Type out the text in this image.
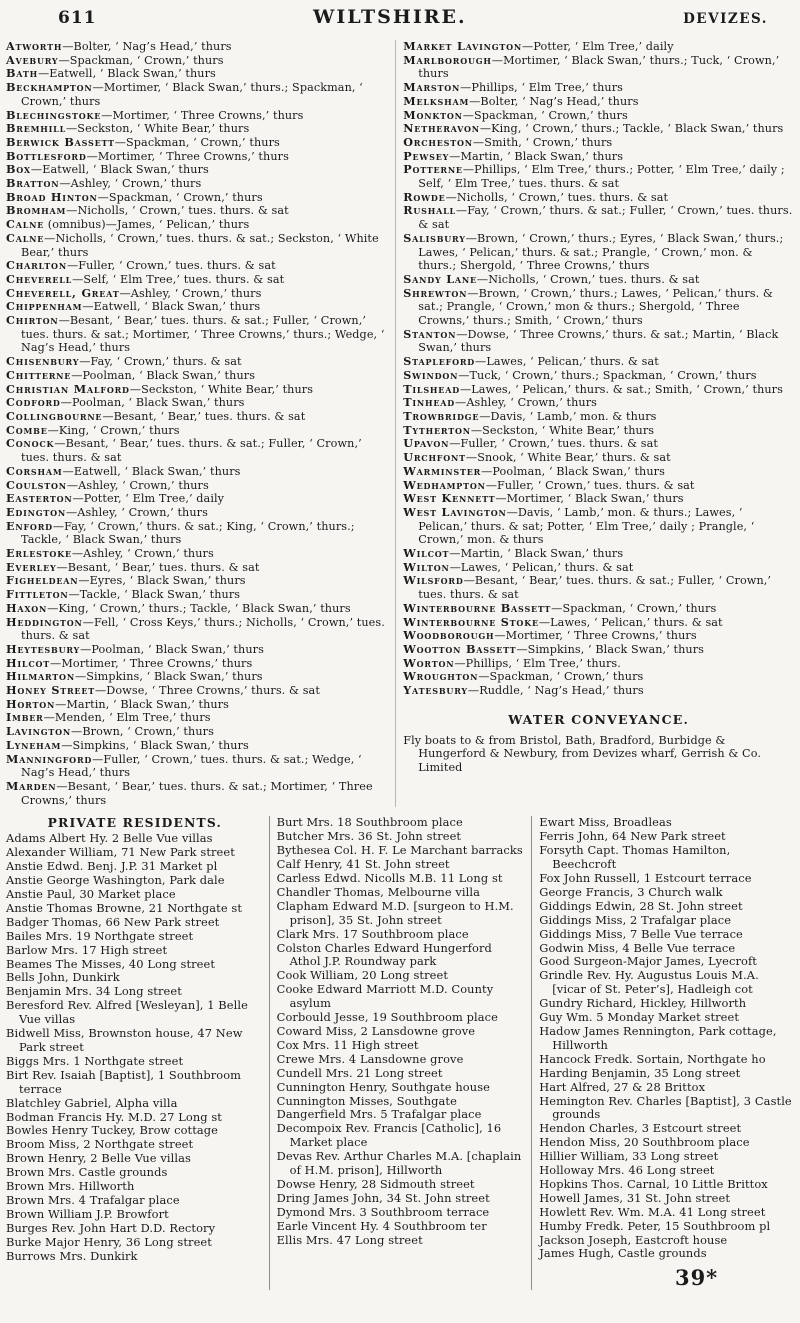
611	WILTSHIRE.	DEVIZES.
Atworth—Bolter, ‘ Nag’s Head,’ thurs
Avebury—Spackman, ‘ Crown,’ thurs
Bath—Eatwell, ‘ Black Swan,’ thurs
Beckhampton—Mortimer, ‘ Black Swan,’ thurs.; Spackman, ‘ Crown,’ thurs
Blechingstoke—Mortimer, ‘ Three Crowns,’ thurs
Bremhill—Seckston, ‘ White Bear,’ thurs
Berwick Bassett—Spackman, ‘ Crown,’ thurs
Bottlesford—Mortimer, ‘ Three Crowns,’ thurs
Box—Eatwell, ‘ Black Swan,’ thurs
Bratton—Ashley, ‘ Crown,’ thurs
Broad Hinton—Spackman, ‘ Crown,’ thurs
Bromham—Nicholls, ‘ Crown,’ tues. thurs. & sat
Calne (omnibus)—James, ‘ Pelican,’ thurs
Calne—Nicholls, ‘ Crown,’ tues. thurs. & sat.; Seckston, ‘ White Bear,’ thurs
Charlton—Fuller, ‘ Crown,’ tues. thurs. & sat
Cheverell—Self, ‘ Elm Tree,’ tues. thurs. & sat
Cheverell, Great—Ashley, ‘ Crown,’ thurs
Chippenham—Eatwell, ‘ Black Swan,’ thurs
Chirton—Besant, ‘ Bear,’ tues. thurs. & sat.; Fuller, ‘ Crown,’ tues. thurs. & sat.; Mortimer, ‘ Three Crowns,’ thurs.; Wedge, ‘ Nag’s Head,’ thurs
Chisenbury—Fay, ‘ Crown,’ thurs. & sat
Chitterne—Poolman, ‘ Black Swan,’ thurs
Christian Malford—Seckston, ‘ White Bear,’ thurs
Codford—Poolman, ‘ Black Swan,’ thurs
Collingbourne—Besant, ‘ Bear,’ tues. thurs. & sat
Combe—King, ‘ Crown,’ thurs
Conock—Besant, ‘ Bear,’ tues. thurs. & sat.; Fuller, ‘ Crown,’ tues. thurs. & sat
Corsham—Eatwell, ‘ Black Swan,’ thurs
Coulston—Ashley, ‘ Crown,’ thurs
Easterton—Potter, ‘ Elm Tree,’ daily
Edington—Ashley, ‘ Crown,’ thurs
Enford—Fay, ‘ Crown,’ thurs. & sat.; King, ‘ Crown,’ thurs.; Tackle, ‘ Black Swan,’ thurs
Erlestoke—Ashley, ‘ Crown,’ thurs
Everley—Besant, ‘ Bear,’ tues. thurs. & sat
Figheldean—Eyres, ‘ Black Swan,’ thurs
Fittleton—Tackle, ‘ Black Swan,’ thurs
Haxon—King, ‘ Crown,’ thurs.; Tackle, ‘ Black Swan,’ thurs
Heddington—Fell, ‘ Cross Keys,’ thurs.; Nicholls, ‘ Crown,’ tues. thurs. & sat
Heytesbury—Poolman, ‘ Black Swan,’ thurs
Hilcot—Mortimer, ‘ Three Crowns,’ thurs
Hilmarton—Simpkins, ‘ Black Swan,’ thurs
Honey Street—Dowse, ‘ Three Crowns,’ thurs. & sat
Horton—Martin, ‘ Black Swan,’ thurs
Imber—Menden, ‘ Elm Tree,’ thurs
Lavington—Brown, ‘ Crown,’ thurs
Lyneham—Simpkins, ‘ Black Swan,’ thurs
Manningford—Fuller, ‘ Crown,’ tues. thurs. & sat.; Wedge, ‘ Nag’s Head,’ thurs
Marden—Besant, ‘ Bear,’ tues. thurs. & sat.; Mortimer, ‘ Three Crowns,’ thurs
Market Lavington—Potter, ‘ Elm Tree,’ daily
Marlborough—Mortimer, ‘ Black Swan,’ thurs.; Tuck, ‘ Crown,’ thurs
Marston—Phillips, ‘ Elm Tree,’ thurs
Melksham—Bolter, ‘ Nag’s Head,’ thurs
Monkton—Spackman, ‘ Crown,’ thurs
Netheravon—King, ‘ Crown,’ thurs.; Tackle, ‘ Black Swan,’ thurs
Orcheston—Smith, ‘ Crown,’ thurs
Pewsey—Martin, ‘ Black Swan,’ thurs
Potterne—Phillips, ‘ Elm Tree,’ thurs.; Potter, ‘ Elm Tree,’ daily ; Self, ‘ Elm Tree,’ tues. thurs. & sat
Rowde—Nicholls, ‘ Crown,’ tues. thurs. & sat
Rushall—Fay, ‘ Crown,’ thurs. & sat.; Fuller, ‘ Crown,’ tues. thurs. & sat
Salisbury—Brown, ‘ Crown,’ thurs.; Eyres, ‘ Black Swan,’ thurs.; Lawes, ‘ Pelican,’ thurs. & sat.; Prangle, ‘ Crown,’ mon. & thurs.; Shergold, ‘ Three Crowns,’ thurs
Sandy Lane—Nicholls, ‘ Crown,’ tues. thurs. & sat
Shrewton—Brown, ‘ Crown,’ thurs.; Lawes, ‘ Pelican,’ thurs. & sat.; Prangle, ‘ Crown,’ mon & thurs.; Shergold, ‘ Three Crowns,’ thurs.; Smith, ‘ Crown,’ thurs
Stanton—Dowse, ‘ Three Crowns,’ thurs. & sat.; Martin, ‘ Black Swan,’ thurs
Stapleford—Lawes, ‘ Pelican,’ thurs. & sat
Swindon—Tuck, ‘ Crown,’ thurs.; Spackman, ‘ Crown,’ thurs
Tilshead—Lawes, ‘ Pelican,’ thurs. & sat.; Smith, ‘ Crown,’ thurs
Tinhead—Ashley, ‘ Crown,’ thurs
Trowbridge—Davis, ‘ Lamb,’ mon. & thurs
Tytherton—Seckston, ‘ White Bear,’ thurs
Upavon—Fuller, ‘ Crown,’ tues. thurs. & sat
Urchfont—Snook, ‘ White Bear,’ thurs. & sat
Warminster—Poolman, ‘ Black Swan,’ thurs
Wedhampton—Fuller, ‘ Crown,’ tues. thurs. & sat
West Kennett—Mortimer, ‘ Black Swan,’ thurs
West Lavington—Davis, ‘ Lamb,’ mon. & thurs.; Lawes, ‘ Pelican,’ thurs. & sat; Potter, ‘ Elm Tree,’ daily ; Prangle, ‘ Crown,’ mon. & thurs
Wilcot—Martin, ‘ Black Swan,’ thurs
Wilton—Lawes, ‘ Pelican,’ thurs. & sat
Wilsford—Besant, ‘ Bear,’ tues. thurs. & sat.; Fuller, ‘ Crown,’ tues. thurs. & sat
Winterbourne Bassett—Spackman, ‘ Crown,’ thurs
Winterbourne Stoke—Lawes, ‘ Pelican,’ thurs. & sat
Woodborough—Mortimer, ‘ Three Crowns,’ thurs
Wootton Bassett—Simpkins, ‘ Black Swan,’ thurs
Worton—Phillips, ‘ Elm Tree,’ thurs.
Wroughton—Spackman, ‘ Crown,’ thurs
Yatesbury—Ruddle, ‘ Nag’s Head,’ thurs
WATER CONVEYANCE.
Fly boats to & from Bristol, Bath, Bradford, Burbidge & Hungerford & Newbury, from Devizes wharf, Gerrish & Co. Limited
PRIVATE RESIDENTS.
Adams Albert Hy. 2 Belle Vue villas
Alexander William, 71 New Park street
Anstie Edwd. Benj. J.P. 31 Market pl
Anstie George Washington, Park dale
Anstie Paul, 30 Market place
Anstie Thomas Browne, 21 Northgate st
Badger Thomas, 66 New Park street
Bailes Mrs. 19 Northgate street
Barlow Mrs. 17 High street
Beames The Misses, 40 Long street
Bells John, Dunkirk
Benjamin Mrs. 34 Long street
Beresford Rev. Alfred [Wesleyan], 1 Belle Vue villas
Bidwell Miss, Brownston house, 47 New Park street
Biggs Mrs. 1 Northgate street
Birt Rev. Isaiah [Baptist], 1 Southbroom terrace
Blatchley Gabriel, Alpha villa
Bodman Francis Hy. M.D. 27 Long st
Bowles Henry Tuckey, Brow cottage
Broom Miss, 2 Northgate street
Brown Henry, 2 Belle Vue villas
Brown Mrs. Castle grounds
Brown Mrs. Hillworth
Brown Mrs. 4 Trafalgar place
Brown William J.P. Browfort
Burges Rev. John Hart D.D. Rectory
Burke Major Henry, 36 Long street
Burrows Mrs. Dunkirk
Burt Mrs. 18 Southbroom place
Butcher Mrs. 36 St. John street
Bythesea Col. H. F. Le Marchant barracks
Calf Henry, 41 St. John street
Carless Edwd. Nicolls M.B. 11 Long st
Chandler Thomas, Melbourne villa
Clapham Edward M.D. [surgeon to H.M. prison], 35 St. John street
Clark Mrs. 17 Southbroom place
Colston Charles Edward Hungerford Athol J.P. Roundway park
Cook William, 20 Long street
Cooke Edward Marriott M.D. County asylum
Corbould Jesse, 19 Southbroom place
Coward Miss, 2 Lansdowne grove
Cox Mrs. 11 High street
Crewe Mrs. 4 Lansdowne grove
Cundell Mrs. 21 Long street
Cunnington Henry, Southgate house
Cunnington Misses, Southgate
Dangerfield Mrs. 5 Trafalgar place
Decompoix Rev. Francis [Catholic], 16 Market place
Devas Rev. Arthur Charles M.A. [chaplain of H.M. prison], Hillworth
Dowse Henry, 28 Sidmouth street
Dring James John, 34 St. John street
Dymond Mrs. 3 Southbroom terrace
Earle Vincent Hy. 4 Southbroom ter
Ellis Mrs. 47 Long street
Ewart Miss, Broadleas
Ferris John, 64 New Park street
Forsyth Capt. Thomas Hamilton, Beechcroft
Fox John Russell, 1 Estcourt terrace
George Francis, 3 Church walk
Giddings Edwin, 28 St. John street
Giddings Miss, 2 Trafalgar place
Giddings Miss, 7 Belle Vue terrace
Godwin Miss, 4 Belle Vue terrace
Good Surgeon-Major James, Lyecroft
Grindle Rev. Hy. Augustus Louis M.A. [vicar of St. Peter’s], Hadleigh cot
Gundry Richard, Hickley, Hillworth
Guy Wm. 5 Monday Market street
Hadow James Rennington, Park cottage, Hillworth
Hancock Fredk. Sortain, Northgate ho
Harding Benjamin, 35 Long street
Hart Alfred, 27 & 28 Brittox
Hemington Rev. Charles [Baptist], 3 Castle grounds
Hendon Charles, 3 Estcourt street
Hendon Miss, 20 Southbroom place
Hillier William, 33 Long street
Holloway Mrs. 46 Long street
Hopkins Thos. Carnal, 10 Little Brittox
Howell James, 31 St. John street
Howlett Rev. Wm. M.A. 41 Long street
Humby Fredk. Peter, 15 Southbroom pl
Jackson Joseph, Eastcroft house
James Hugh, Castle grounds
39*
